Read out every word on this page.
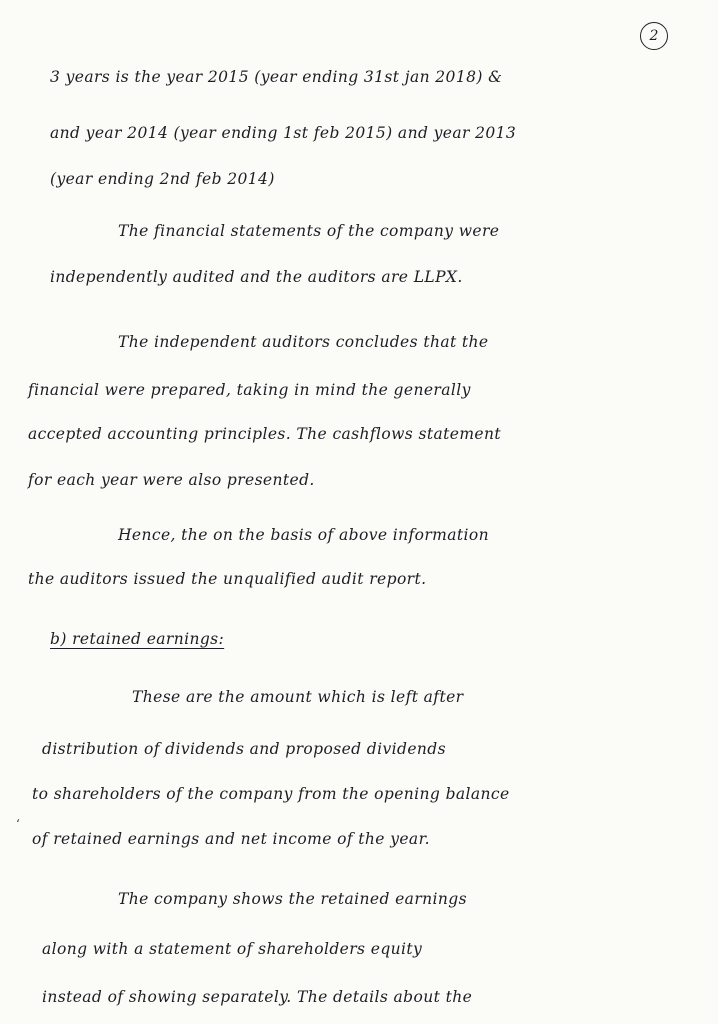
2
3 years is the year 2015 (year ending 31st jan 2018) &
and year 2014 (year ending 1st feb 2015) and year 2013
(year ending 2nd feb 2014)
The financial statements of the company were
independently audited and the auditors are LLPX.
The independent auditors concludes that the
financial were prepared, taking in mind the generally
accepted accounting principles. The cashflows statement
for each year were also presented.
Hence, the on the basis of above information
the auditors issued the unqualified audit report.
b) retained earnings:
These are the amount which is left after
distribution of dividends and proposed dividends
to shareholders of the company from the opening balance
‘
of retained earnings and net income of the year.
The company shows the retained earnings
along with a statement of shareholders equity
instead of showing separately. The details about the
